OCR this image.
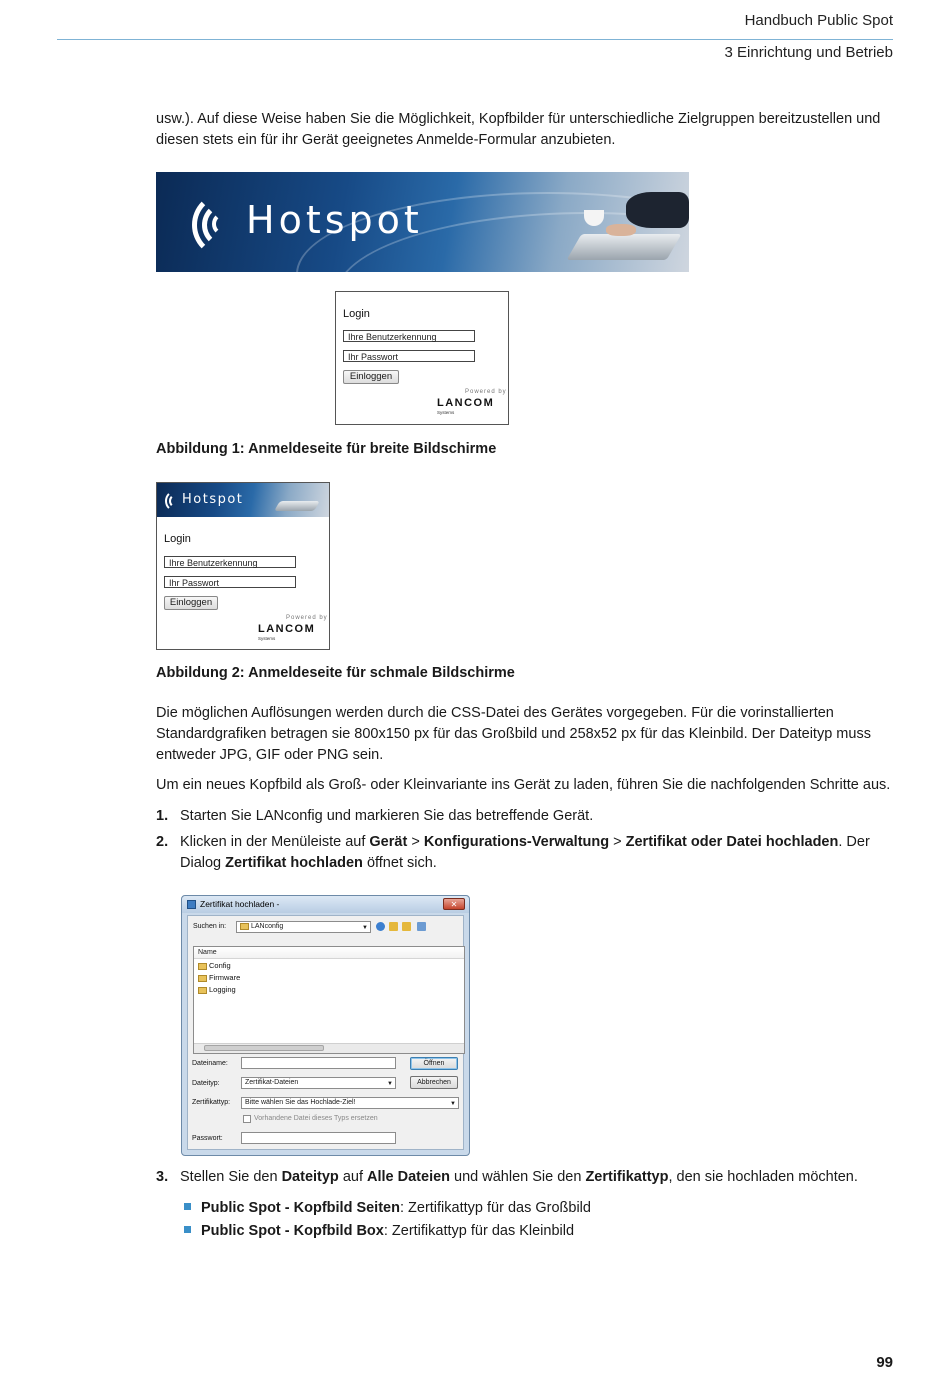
Handbuch Public Spot
3 Einrichtung und Betrieb
usw.). Auf diese Weise haben Sie die Möglichkeit, Kopfbilder für unterschiedliche Zielgruppen bereitzustellen und diesen stets ein für ihr Gerät geeignetes Anmelde-Formular anzubieten.
Hotspot
Login
Ihre Benutzerkennung
Ihr Passwort
Einloggen
Powered by
LANCOM
Systems
Abbildung 1: Anmeldeseite für breite Bildschirme
Hotspot
Login
Ihre Benutzerkennung
Ihr Passwort
Einloggen
Powered by
LANCOM
Systems
Abbildung 2: Anmeldeseite für schmale Bildschirme
Die möglichen Auflösungen werden durch die CSS-Datei des Gerätes vorgegeben. Für die vorinstallierten Standardgrafiken betragen sie 800x150 px für das Großbild und 258x52 px für das Kleinbild. Der Dateityp muss entweder JPG, GIF oder PNG sein.
Um ein neues Kopfbild als Groß- oder Kleinvariante ins Gerät zu laden, führen Sie die nachfolgenden Schritte aus.
1. Starten Sie LANconfig und markieren Sie das betreffende Gerät.
2. Klicken in der Menüleiste auf Gerät > Konfigurations-Verwaltung > Zertifikat oder Datei hochladen. Der Dialog Zertifikat hochladen öffnet sich.
Zertifikat hochladen -	✕
Suchen in:	LANconfig	▼
Name
Config
Firmware
Logging
Dateiname:	Öffnen
Dateityp:	Zertifikat-Dateien	▼	Abbrechen
Zertifikattyp:	Bitte wählen Sie das Hochlade-Ziel!	▼
Vorhandene Datei dieses Typs ersetzen
Passwort:
3. Stellen Sie den Dateityp auf Alle Dateien und wählen Sie den Zertifikattyp, den sie hochladen möchten.
Public Spot - Kopfbild Seiten: Zertifikattyp für das Großbild
Public Spot - Kopfbild Box: Zertifikattyp für das Kleinbild
99
